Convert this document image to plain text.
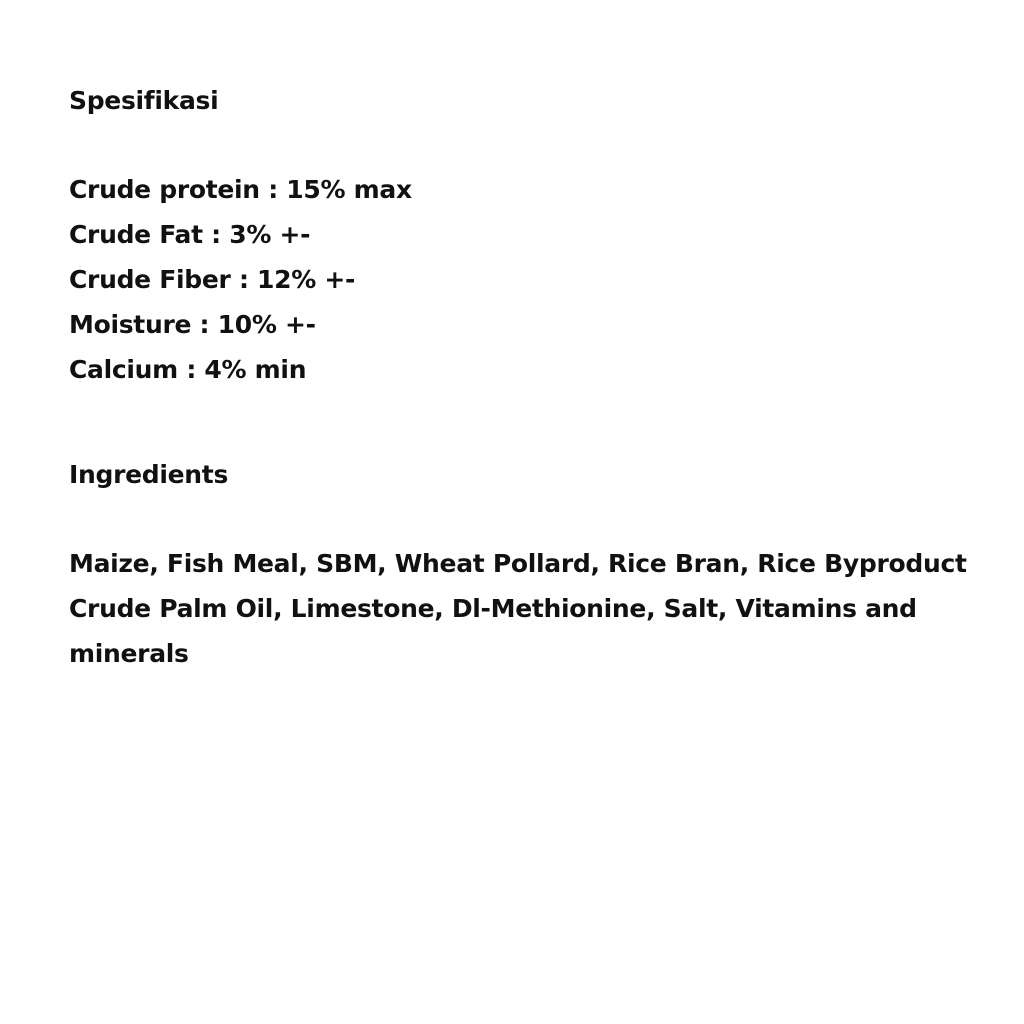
Spesifikasi
Crude protein : 15% max
Crude Fat : 3% +-
Crude Fiber : 12% +-
Moisture : 10% +-
Calcium : 4% min
Ingredients

Maize, Fish Meal, SBM, Wheat Pollard, Rice Bran, Rice Byproduct
Crude Palm Oil, Limestone, Dl-Methionine, Salt, Vitamins and
minerals
